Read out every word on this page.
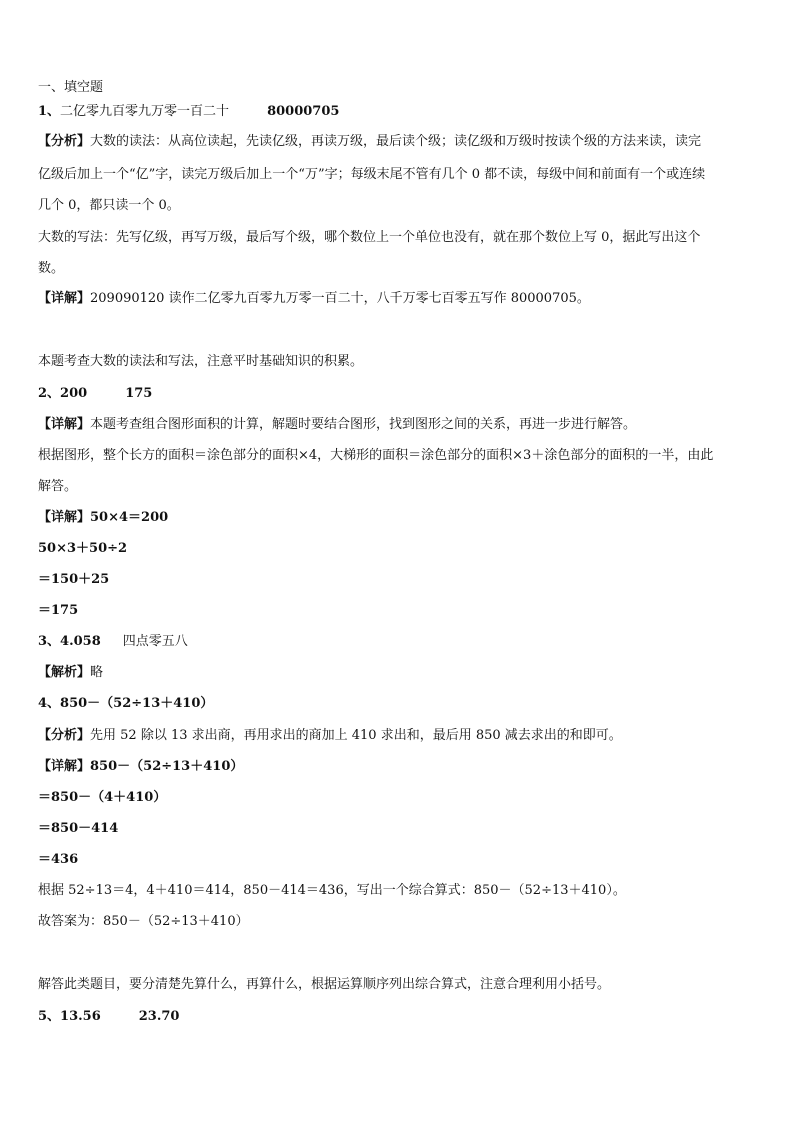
一、填空题
1、二亿零九百零九万零一百二十	80000705
【分析】大数的读法：从高位读起，先读亿级，再读万级，最后读个级；读亿级和万级时按读个级的方法来读，读完
亿级后加上一个“亿”字，读完万级后加上一个“万”字；每级末尾不管有几个 0 都不读，每级中间和前面有一个或连续
几个 0，都只读一个 0。
大数的写法：先写亿级，再写万级，最后写个级，哪个数位上一个单位也没有，就在那个数位上写 0，据此写出这个
数。
【详解】209090120 读作二亿零九百零九万零一百二十，八千万零七百零五写作 80000705。
本题考查大数的读法和写法，注意平时基础知识的积累。
2、200	175
【详解】本题考查组合图形面积的计算，解题时要结合图形，找到图形之间的关系，再进一步进行解答。
根据图形，整个长方的面积＝涂色部分的面积×4，大梯形的面积＝涂色部分的面积×3＋涂色部分的面积的一半，由此
解答。
【详解】50×4＝200
50×3＋50÷2
＝150＋25
＝175
3、4.058 四点零五八
【解析】略
4、850－（52÷13＋410）
【分析】先用 52 除以 13 求出商，再用求出的商加上 410 求出和，最后用 850 减去求出的和即可。
【详解】850－（52÷13＋410）
＝850－（4＋410）
＝850－414
＝436
根据 52÷13＝4，4＋410＝414，850－414＝436，写出一个综合算式：850－（52÷13＋410）。
故答案为：850－（52÷13＋410）
解答此类题目，要分清楚先算什么，再算什么，根据运算顺序列出综合算式，注意合理利用小括号。
5、13.56	23.70
